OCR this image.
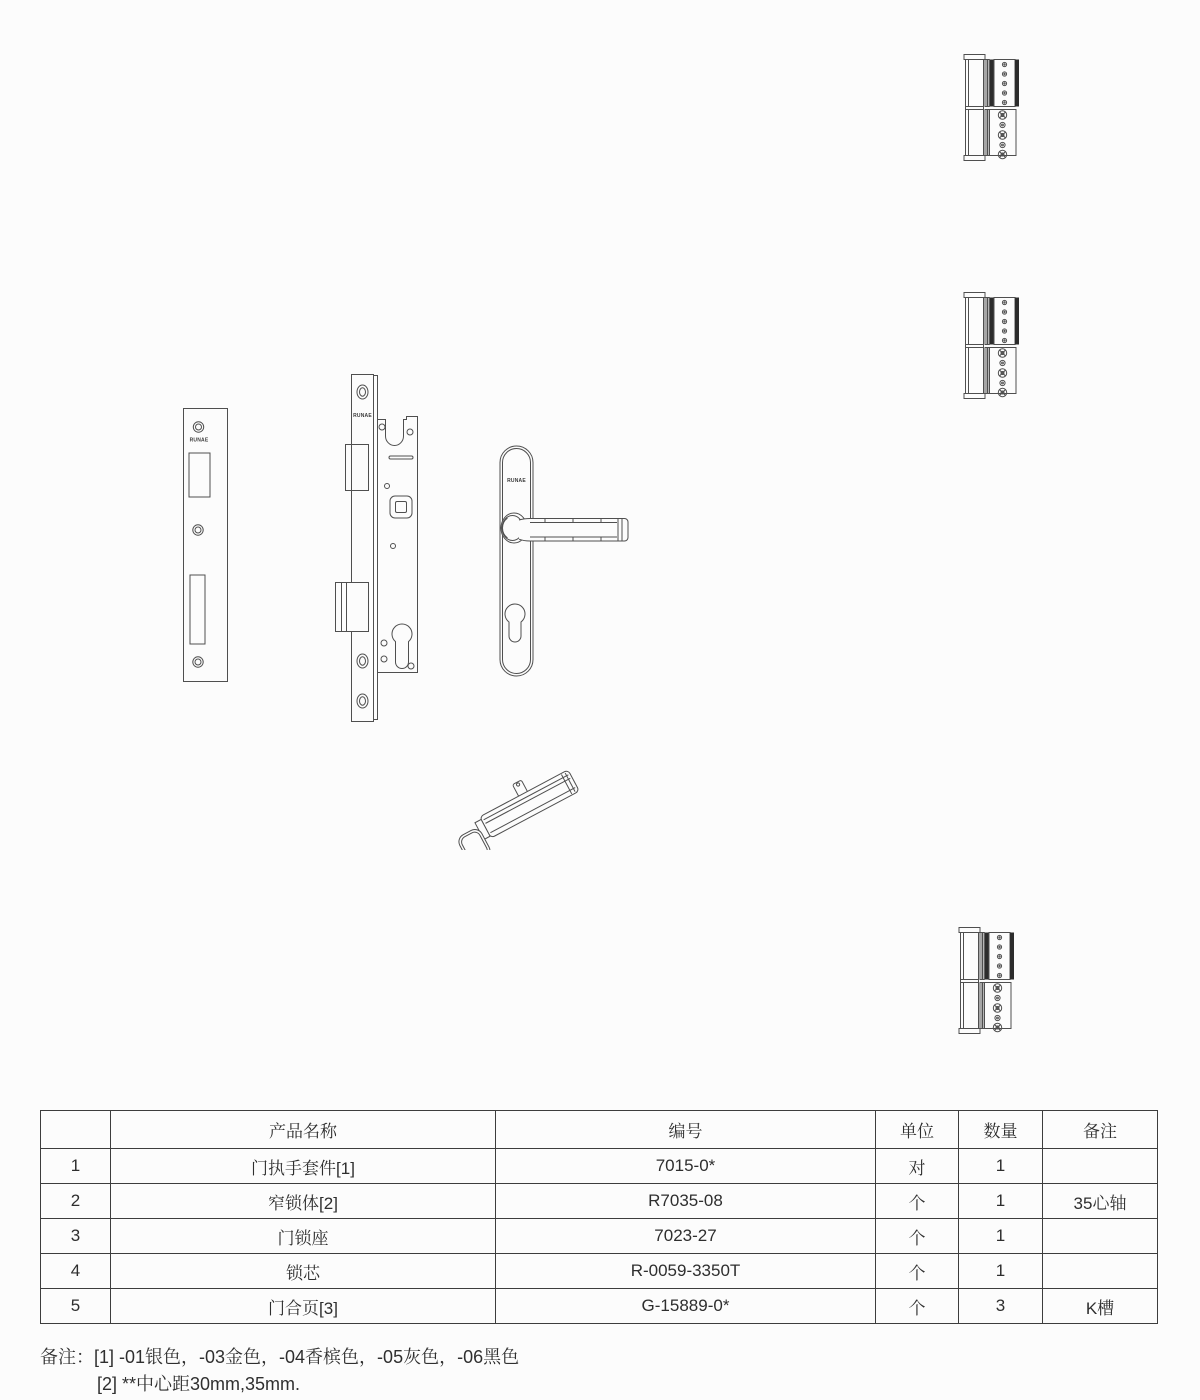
RUNAE
RUNAE
RUNAE
	产品名称	编号	单位	数量	备注
1	门执手套件[1]	7015-0*	对	1	
2	窄锁体[2]	R7035-08	个	1	35心轴
3	门锁座	7023-27	个	1	
4	锁芯	R-0059-3350T	个	1	
5	门合页[3]	G-15889-0*	个	3	K槽
备注： [1] -01银色，-03金色，-04香槟色，-05灰色，-06黑色
[2] **中心距30mm,35mm.
